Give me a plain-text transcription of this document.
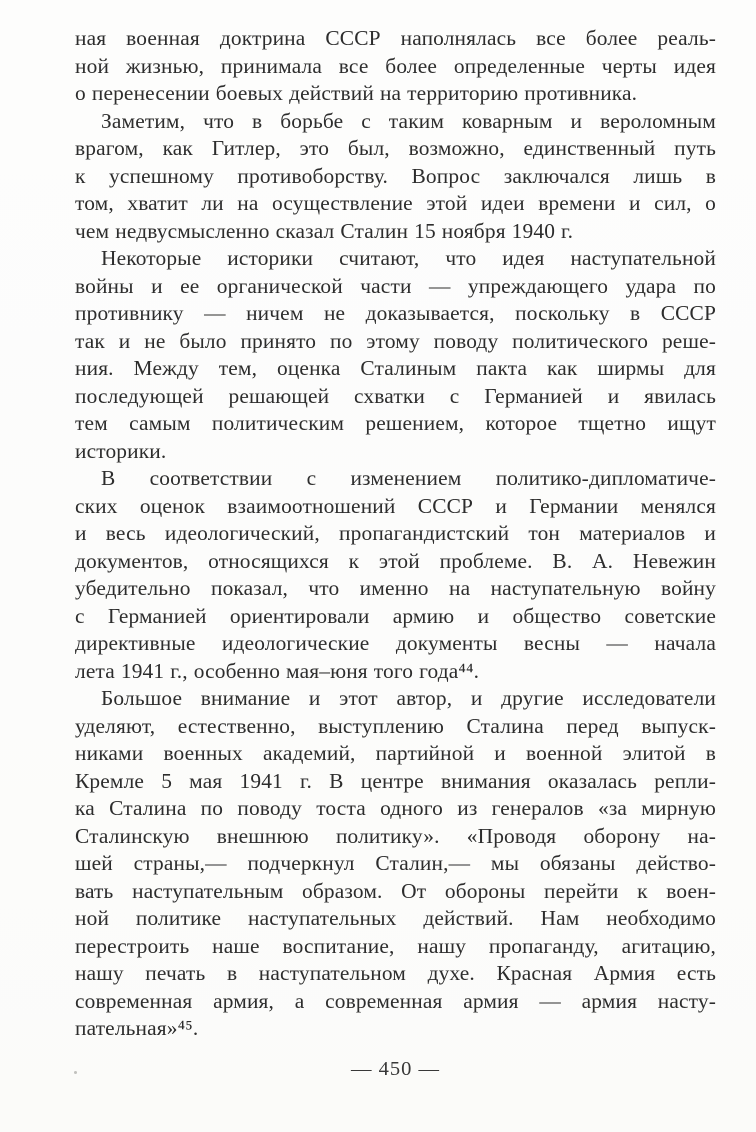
ная военная доктрина СССР наполнялась все более реаль-
ной жизнью, принимала все более определенные черты идея
о перенесении боевых действий на территорию противника.
Заметим, что в борьбе с таким коварным и вероломным
врагом, как Гитлер, это был, возможно, единственный путь
к успешному противоборству. Вопрос заключался лишь в
том, хватит ли на осуществление этой идеи времени и сил, о
чем недвусмысленно сказал Сталин 15 ноября 1940 г.
Некоторые историки считают, что идея наступательной
войны и ее органической части — упреждающего удара по
противнику — ничем не доказывается, поскольку в СССР
так и не было принято по этому поводу политического реше-
ния. Между тем, оценка Сталиным пакта как ширмы для
последующей решающей схватки с Германией и явилась
тем самым политическим решением, которое тщетно ищут
историки.
В соответствии с изменением политико-дипломатиче-
ских оценок взаимоотношений СССР и Германии менялся
и весь идеологический, пропагандистский тон материалов и
документов, относящихся к этой проблеме. В. А. Невежин
убедительно показал, что именно на наступательную войну
с Германией ориентировали армию и общество советские
директивные идеологические документы весны — начала
лета 1941 г., особенно мая–юня того года⁴⁴.
Большое внимание и этот автор, и другие исследователи
уделяют, естественно, выступлению Сталина перед выпуск-
никами военных академий, партийной и военной элитой в
Кремле 5 мая 1941 г. В центре внимания оказалась репли-
ка Сталина по поводу тоста одного из генералов «за мирную
Сталинскую внешнюю политику». «Проводя оборону на-
шей страны,— подчеркнул Сталин,— мы обязаны действо-
вать наступательным образом. От обороны перейти к воен-
ной политике наступательных действий. Нам необходимо
перестроить наше воспитание, нашу пропаганду, агитацию,
нашу печать в наступательном духе. Красная Армия есть
современная армия, а современная армия — армия насту-
пательная»⁴⁵.
— 450 —
